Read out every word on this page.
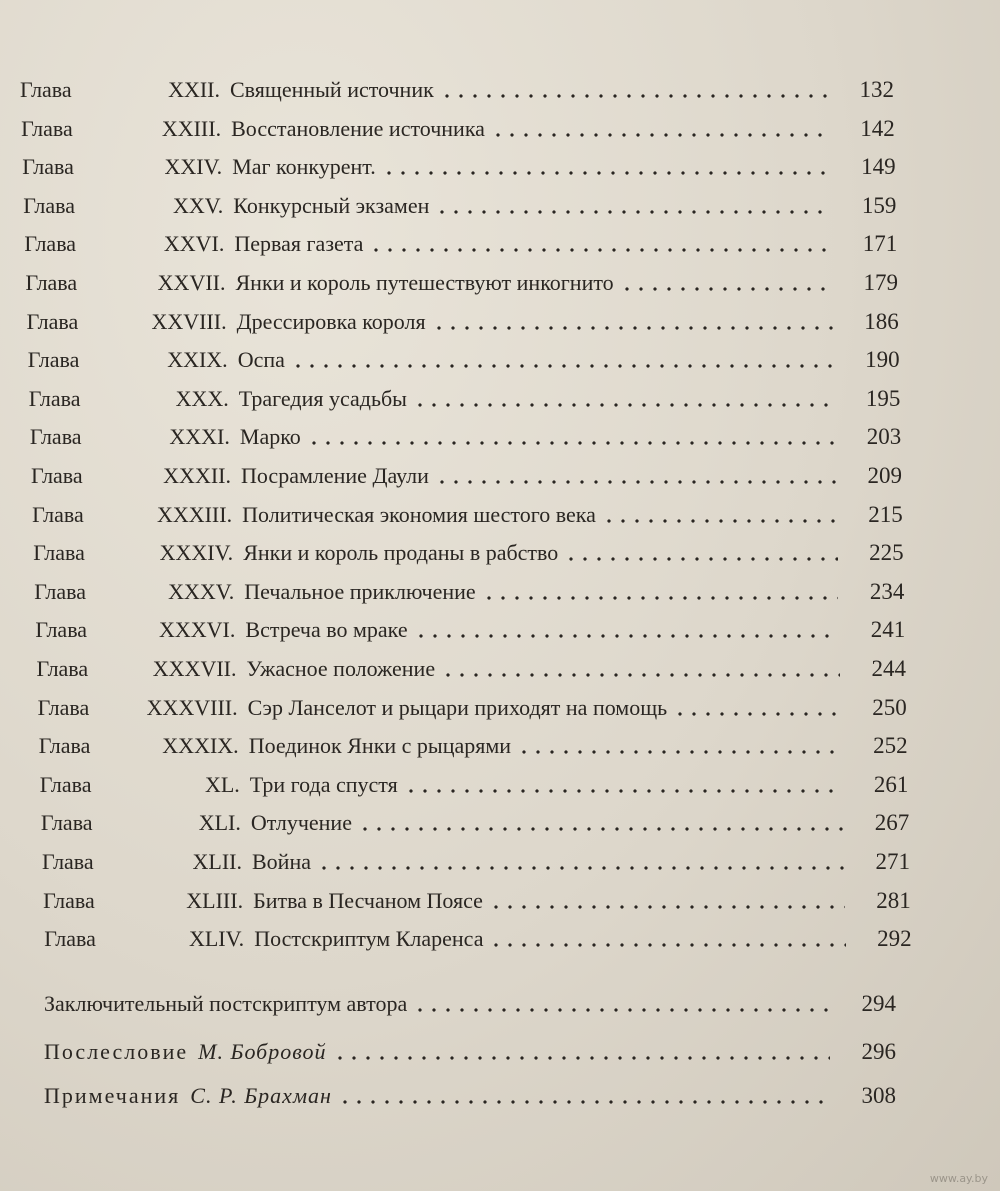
Глава	XXII. Священный источник	132
Глава	XXIII. Восстановление источника	142
Глава	XXIV. Маг конкурент.	149
Глава	XXV. Конкурсный экзамен	159
Глава	XXVI. Первая газета	171
Глава	XXVII. Янки и король путешествуют инкогнито	179
Глава	XXVIII. Дрессировка короля	186
Глава	XXIX. Оспа	190
Глава	XXX. Трагедия усадьбы	195
Глава	XXXI. Марко	203
Глава	XXXII. Посрамление Даули	209
Глава	XXXIII. Политическая экономия шестого века	215
Глава	XXXIV. Янки и король проданы в рабство	225
Глава	XXXV. Печальное приключение	234
Глава	XXXVI. Встреча во мраке	241
Глава	XXXVII. Ужасное положение	244
Глава	XXXVIII. Сэр Ланселот и рыцари приходят на помощь	250
Глава	XXXIX. Поединок Янки с рыцарями	252
Глава	XL. Три года спустя	261
Глава	XLI. Отлучение	267
Глава	XLII. Война	271
Глава	XLIII. Битва в Песчаном Поясе	281
Глава	XLIV. Постскриптум Кларенса	292
Заключительный постскриптум автора	294
Послесловие М. Бобровой	296
Примечания С. Р. Брахман	308
www.ay.by
